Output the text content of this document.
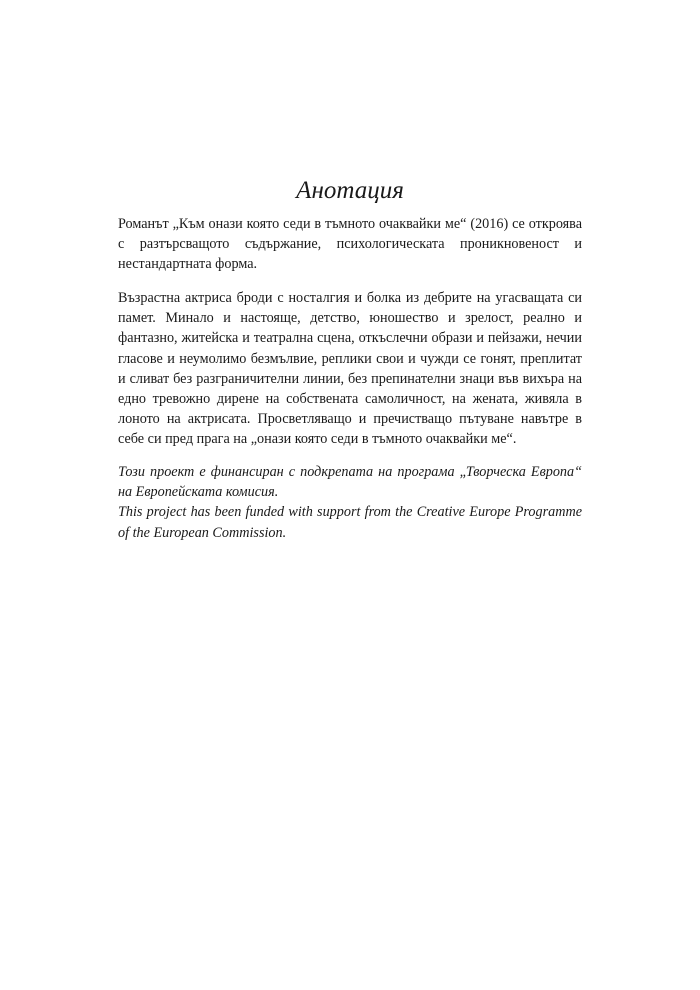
Анотация

Романът „Към онази която седи в тъмното очаквайки ме“ (2016) се откроява с разтърсващото съдържание, психологическата проникновеност и нестандартната форма.

Възрастна актриса броди с носталгия и болка из дебрите на угасващата си памет. Минало и настояще, детство, юношество и зрелост, реално и фантазно, житейска и театрална сцена, откъслечни образи и пейзажи, нечии гласове и неумолимо безмълвие, реплики свои и чужди се гонят, преплитат и сливат без разграничителни линии, без препинателни знаци във вихъра на едно тревожно дирене на собствената самоличност, на жената, живяла в лоното на актрисата. Просветляващо и пречистващо пътуване навътре в себе си пред прага на „онази която седи в тъмното очаквайки ме“.

Този проект е финансиран с подкрепата на програма „Творческа Европа“ на Европейската комисия.
This project has been funded with support from the Creative Europe Programme of the European Commission.
